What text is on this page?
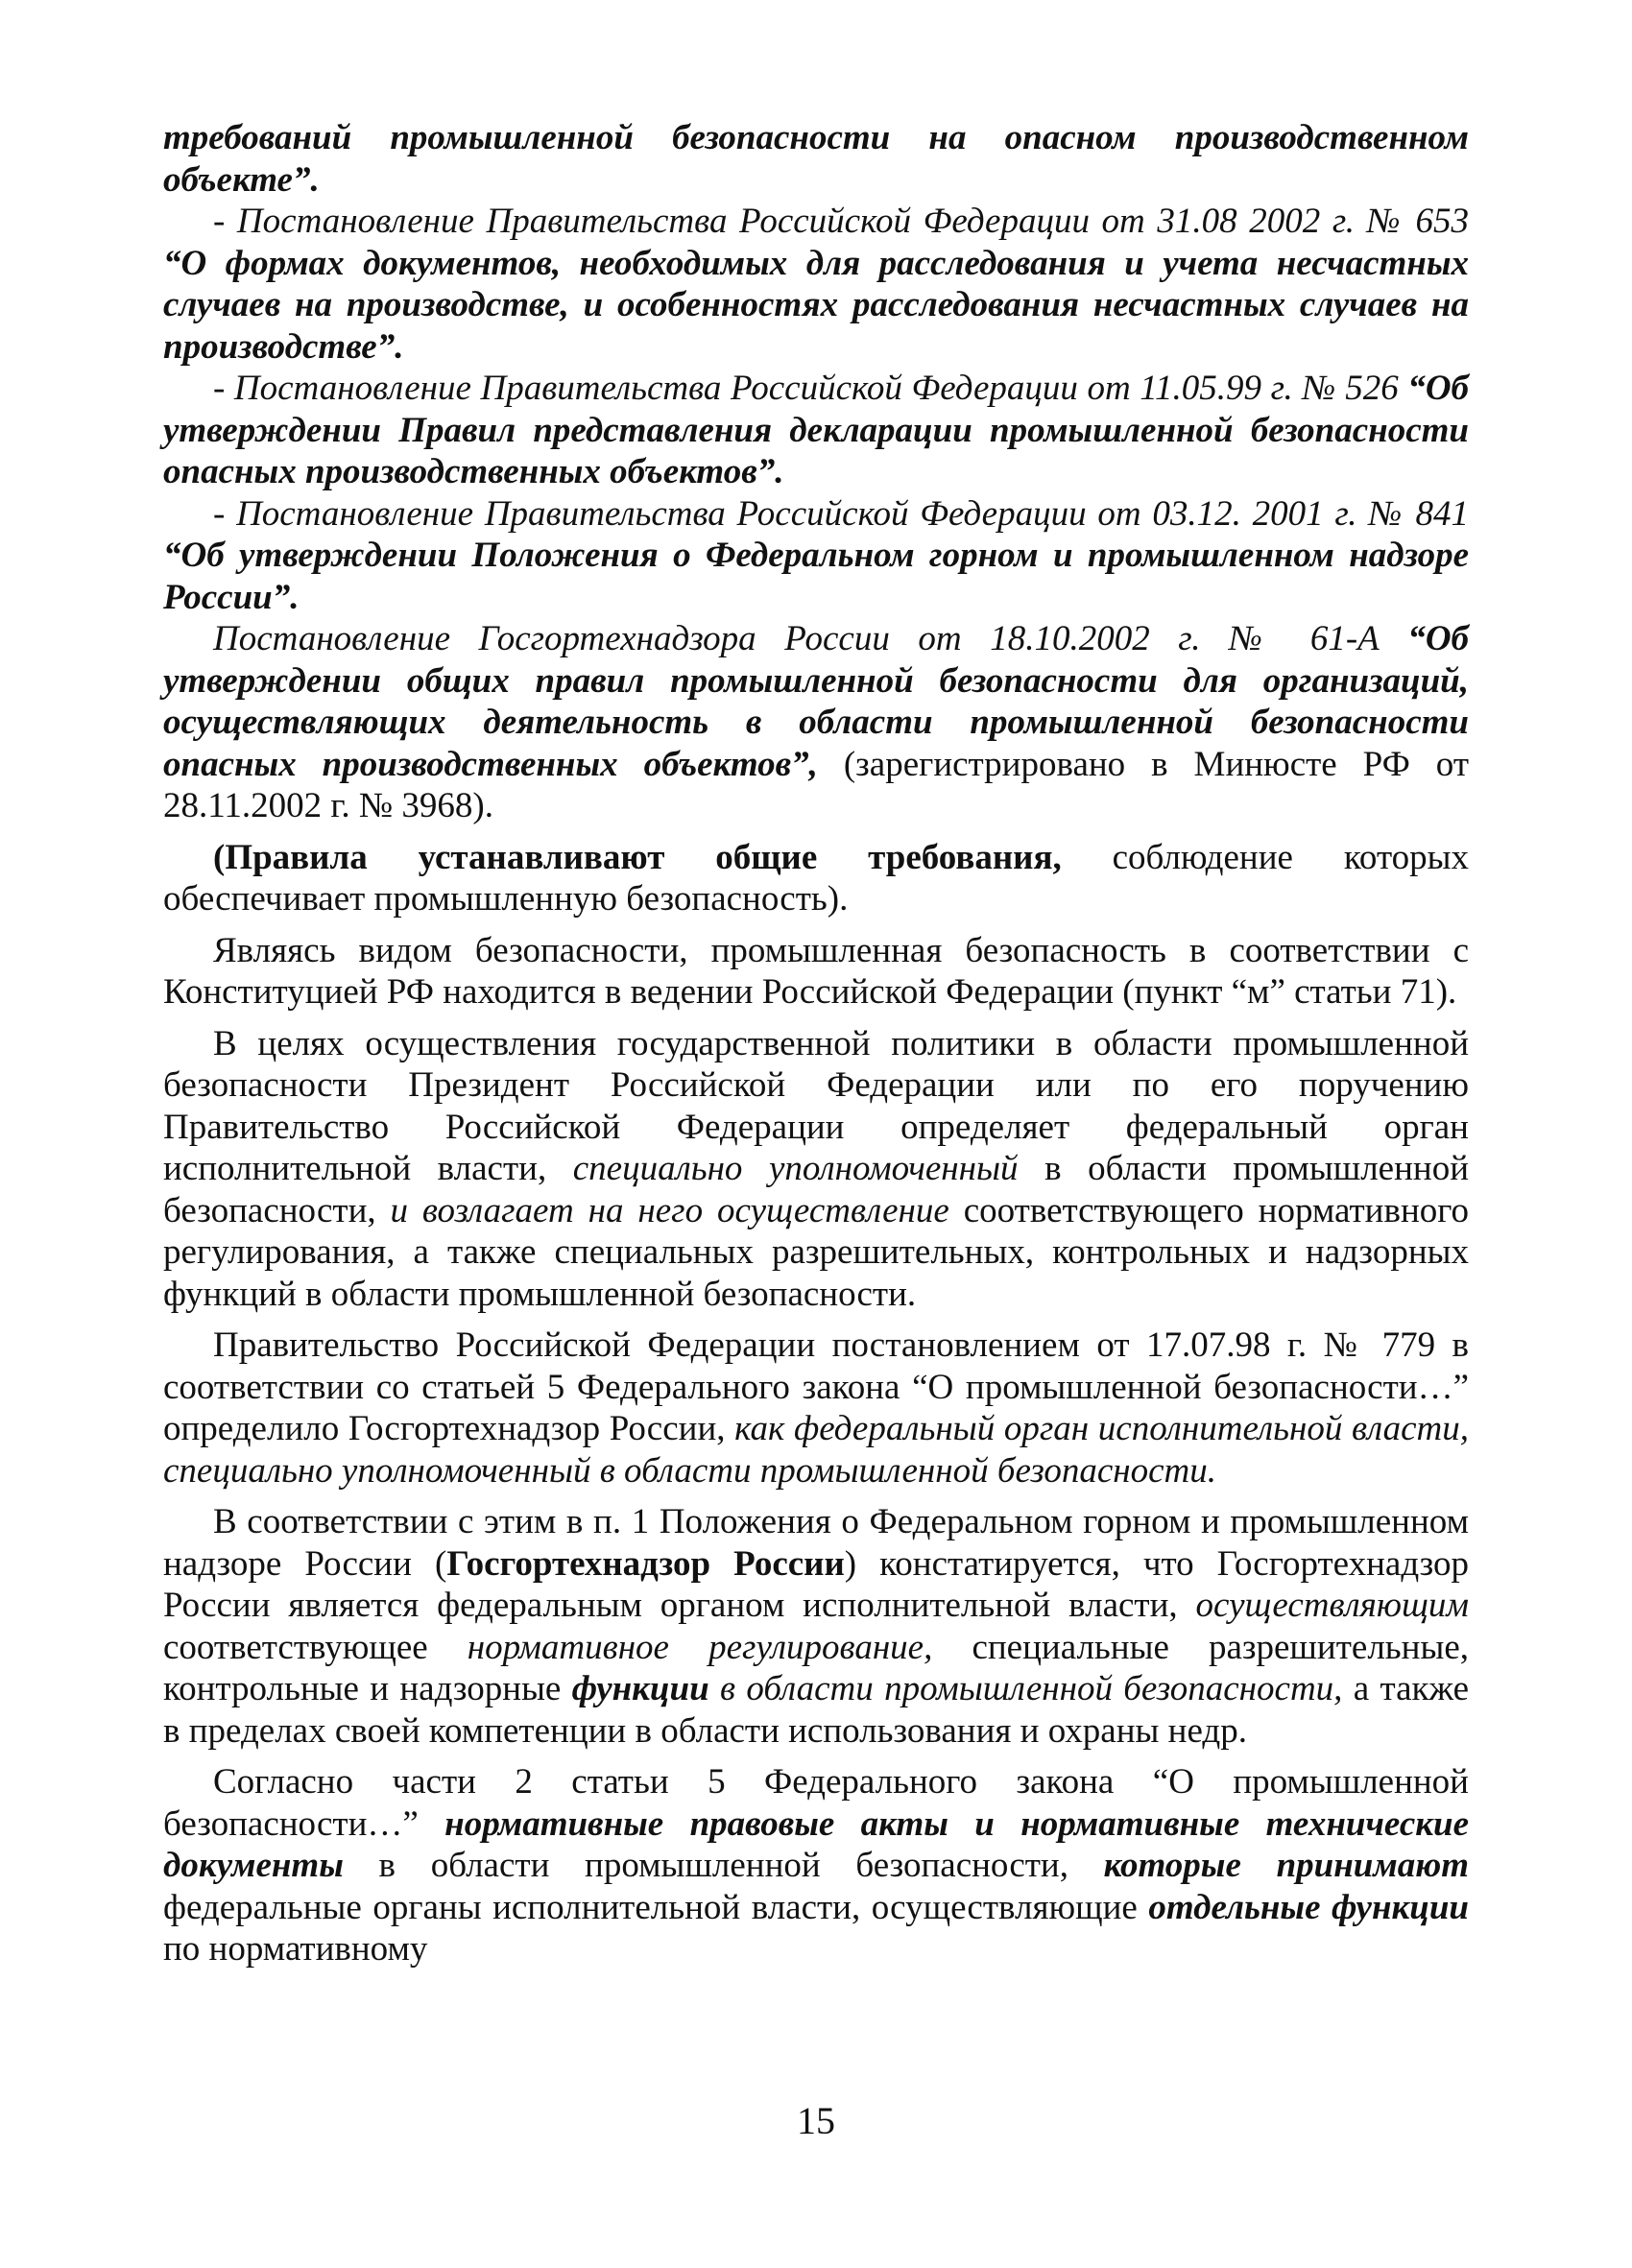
требований промышленной безопасности на опасном производственном объекте”.

- Постановление Правительства Российской Федерации от 31.08 2002 г. № 653 “О формах документов, необходимых для расследования и учета несчастных случаев на производстве, и особенностях расследования несчастных случаев на производстве”.

- Постановление Правительства Российской Федерации от 11.05.99 г. № 526 “Об утверждении Правил представления декларации промышленной безопасности опасных производственных объектов”.

- Постановление Правительства Российской Федерации от 03.12. 2001 г. № 841 “Об утверждении Положения о Федеральном горном и промышленном надзоре России”.

Постановление Госгортехнадзора России от 18.10.2002 г. № 61-А “Об утверждении общих правил промышленной безопасности для организаций, осуществляющих деятельность в области промышленной безопасности опасных производственных объектов”, (зарегистрировано в Минюсте РФ от 28.11.2002 г. № 3968).

(Правила устанавливают общие требования, соблюдение которых обеспечивает промышленную безопасность).

Являясь видом безопасности, промышленная безопасность в соответствии с Конституцией РФ находится в ведении Российской Федерации (пункт “м” статьи 71).

В целях осуществления государственной политики в области промышленной безопасности Президент Российской Федерации или по его поручению Правительство Российской Федерации определяет федеральный орган исполнительной власти, специально уполномоченный в области промышленной безопасности, и возлагает на него осуществление соответствующего нормативного регулирования, а также специальных разрешительных, контрольных и надзорных функций в области промышленной безопасности.

Правительство Российской Федерации постановлением от 17.07.98 г. № 779 в соответствии со статьей 5 Федерального закона “О промышленной безопасности…” определило Госгортехнадзор России, как федеральный орган исполнительной власти, специально уполномоченный в области промышленной безопасности.

В соответствии с этим в п. 1 Положения о Федеральном горном и промышленном надзоре России (Госгортехнадзор России) констатируется, что Госгортехнадзор России является федеральным органом исполнительной власти, осуществляющим соответствующее нормативное регулирование, специальные разрешительные, контрольные и надзорные функции в области промышленной безопасности, а также в пределах своей компетенции в области использования и охраны недр.

Согласно части 2 статьи 5 Федерального закона “О промышленной безопасности…” нормативные правовые акты и нормативные технические документы в области промышленной безопасности, которые принимают федеральные органы исполнительной власти, осуществляющие отдельные функции по нормативному

15
